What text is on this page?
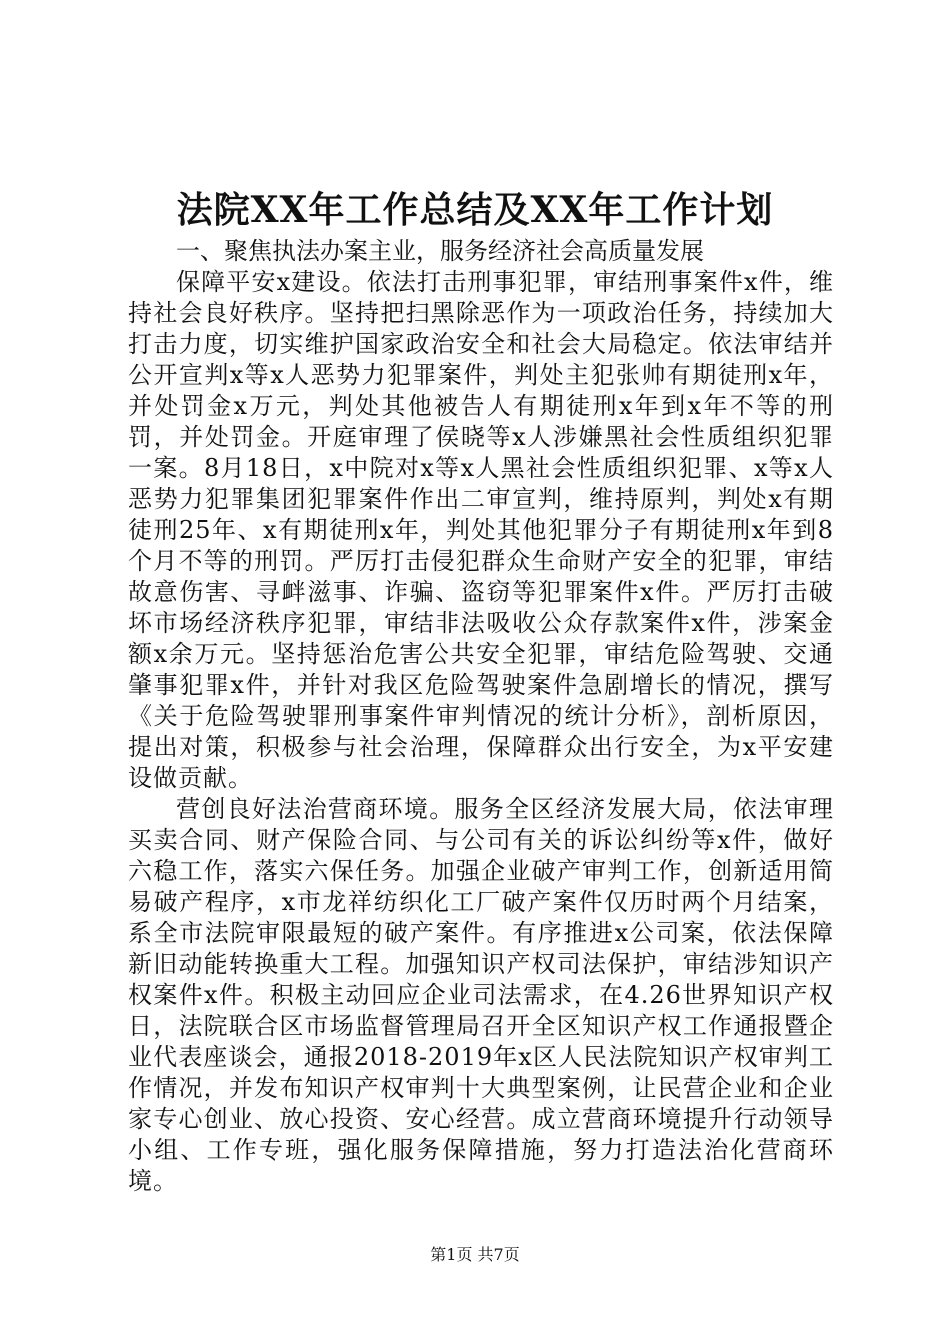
法院XX年工作总结及XX年工作计划

一、聚焦执法办案主业，服务经济社会高质量发展

保障平安x建设。依法打击刑事犯罪，审结刑事案件x件，维持社会良好秩序。坚持把扫黑除恶作为一项政治任务，持续加大打击力度，切实维护国家政治安全和社会大局稳定。依法审结并公开宣判x等x人恶势力犯罪案件，判处主犯张帅有期徒刑x年，并处罚金x万元，判处其他被告人有期徒刑x年到x年不等的刑罚，并处罚金。开庭审理了侯晓等x人涉嫌黑社会性质组织犯罪一案。8月18日，x中院对x等x人黑社会性质组织犯罪、x等x人恶势力犯罪集团犯罪案件作出二审宣判，维持原判，判处x有期徒刑25年、x有期徒刑x年，判处其他犯罪分子有期徒刑x年到8个月不等的刑罚。严厉打击侵犯群众生命财产安全的犯罪，审结故意伤害、寻衅滋事、诈骗、盗窃等犯罪案件x件。严厉打击破坏市场经济秩序犯罪，审结非法吸收公众存款案件x件，涉案金额x余万元。坚持惩治危害公共安全犯罪，审结危险驾驶、交通肇事犯罪x件，并针对我区危险驾驶案件急剧增长的情况，撰写《关于危险驾驶罪刑事案件审判情况的统计分析》，剖析原因，提出对策，积极参与社会治理，保障群众出行安全，为x平安建设做贡献。

营创良好法治营商环境。服务全区经济发展大局，依法审理买卖合同、财产保险合同、与公司有关的诉讼纠纷等x件，做好六稳工作，落实六保任务。加强企业破产审判工作，创新适用简易破产程序，x市龙祥纺织化工厂破产案件仅历时两个月结案，系全市法院审限最短的破产案件。有序推进x公司案，依法保障新旧动能转换重大工程。加强知识产权司法保护，审结涉知识产权案件x件。积极主动回应企业司法需求，在4.26世界知识产权日，法院联合区市场监督管理局召开全区知识产权工作通报暨企业代表座谈会，通报2018-2019年x区人民法院知识产权审判工作情况，并发布知识产权审判十大典型案例，让民营企业和企业家专心创业、放心投资、安心经营。成立营商环境提升行动领导小组、工作专班，强化服务保障措施，努力打造法治化营商环境。

第1页 共7页
